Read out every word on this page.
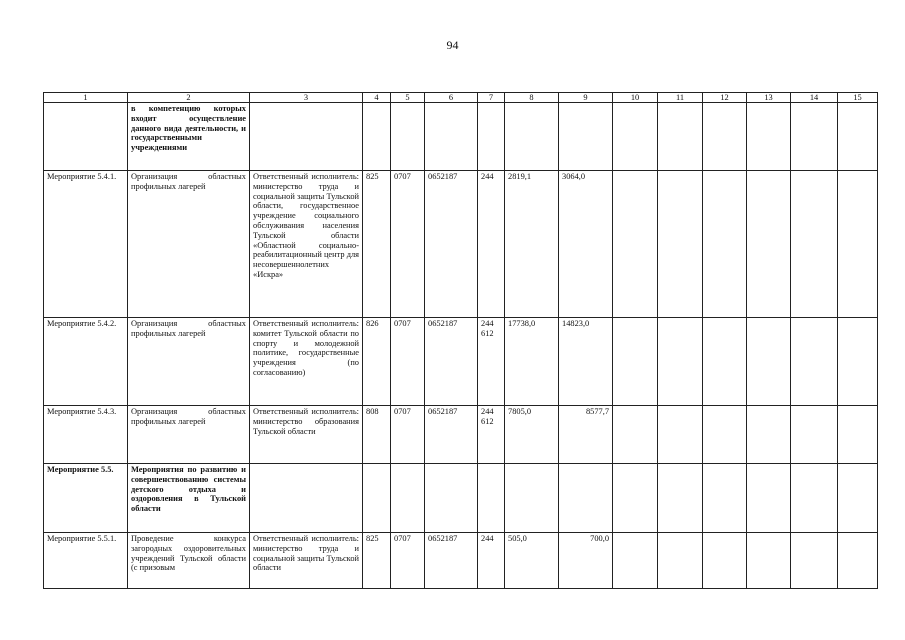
94
1	2	3	4	5	6	7	8	9	10	11	12	13	14	15
	в компетенцию которых входит осуществление данного вида деятельности, и государственными учреждениями													
Мероприятие 5.4.1.	Организация областных профильных лагерей	Ответственный исполнитель: министерство труда и социальной защиты Тульской области, государственное учреждение социального обслуживания населения Тульской области «Областной социально-реабилитационный центр для несовершеннолетних «Искра»	825	0707	0652187	244	2819,1	3064,0						
Мероприятие 5.4.2.	Организация областных профильных лагерей	Ответственный исполнитель: комитет Тульской области по спорту и молодежной политике, государственные учреждения (по согласованию)	826	0707	0652187	244 612	17738,0	14823,0						
Мероприятие 5.4.3.	Организация областных профильных лагерей	Ответственный исполнитель: министерство образования Тульской области	808	0707	0652187	244 612	7805,0	8577,7						
Мероприятие 5.5.	Мероприятия по развитию и совершенствованию системы детского отдыха и оздоровления в Тульской области													
Мероприятие 5.5.1.	Проведение конкурса загородных оздоровительных учреждений Тульской области (с призовым	Ответственный исполнитель: министерство труда и социальной защиты Тульской области	825	0707	0652187	244	505,0	700,0						
